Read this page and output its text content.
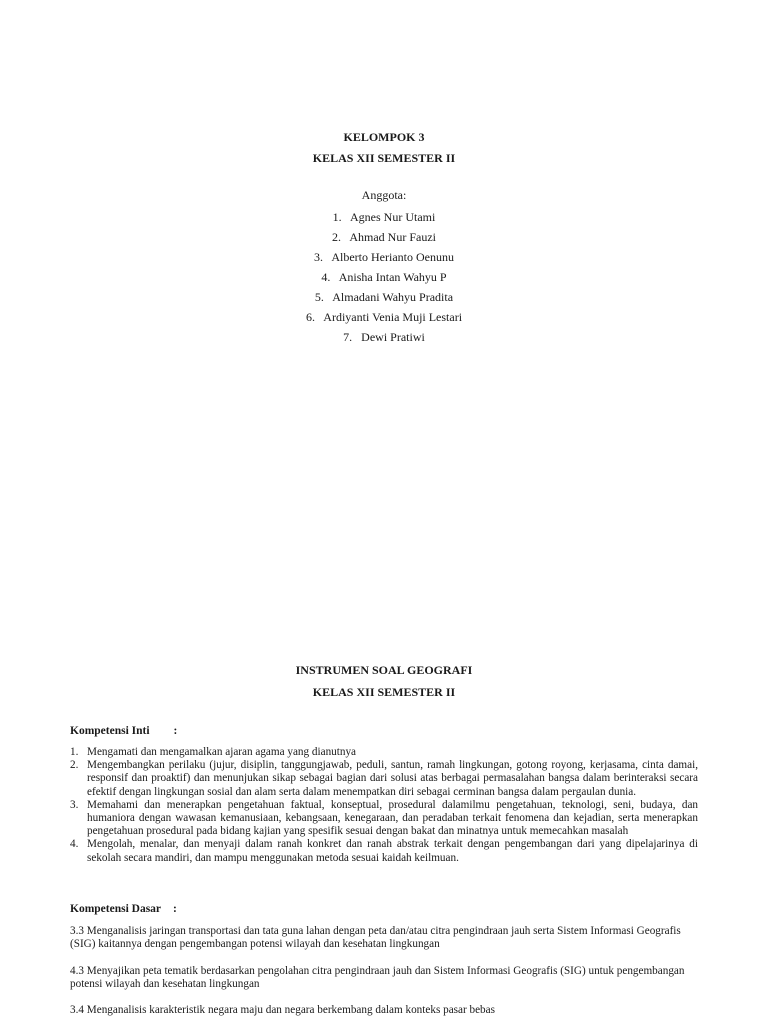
KELOMPOK 3
KELAS XII SEMESTER II
Anggota:
1. Agnes Nur Utami
2. Ahmad Nur Fauzi
3. Alberto Herianto Oenunu
4. Anisha Intan Wahyu P
5. Almadani Wahyu Pradita
6. Ardiyanti Venia Muji Lestari
7. Dewi Pratiwi
INSTRUMEN SOAL GEOGRAFI
KELAS XII SEMESTER II
Kompetensi Inti :
1. Mengamati dan mengamalkan ajaran agama yang dianutnya
2. Mengembangkan perilaku (jujur, disiplin, tanggungjawab, peduli, santun, ramah lingkungan, gotong royong, kerjasama, cinta damai, responsif dan proaktif) dan menunjukan sikap sebagai bagian dari solusi atas berbagai permasalahan bangsa dalam berinteraksi secara efektif dengan lingkungan sosial dan alam serta dalam menempatkan diri sebagai cerminan bangsa dalam pergaulan dunia.
3. Memahami dan menerapkan pengetahuan faktual, konseptual, prosedural dalamilmu pengetahuan, teknologi, seni, budaya, dan humaniora dengan wawasan kemanusiaan, kebangsaan, kenegaraan, dan peradaban terkait fenomena dan kejadian, serta menerapkan pengetahuan prosedural pada bidang kajian yang spesifik sesuai dengan bakat dan minatnya untuk memecahkan masalah
4. Mengolah, menalar, dan menyaji dalam ranah konkret dan ranah abstrak terkait dengan pengembangan dari yang dipelajarinya di sekolah secara mandiri, dan mampu menggunakan metoda sesuai kaidah keilmuan.
Kompetensi Dasar :
3.3 Menganalisis jaringan transportasi dan tata guna lahan dengan peta dan/atau citra pengindraan jauh serta Sistem Informasi Geografis (SIG) kaitannya dengan pengembangan potensi wilayah dan kesehatan lingkungan
4.3 Menyajikan peta tematik berdasarkan pengolahan citra pengindraan jauh dan Sistem Informasi Geografis (SIG) untuk pengembangan potensi wilayah dan kesehatan lingkungan
3.4 Menganalisis karakteristik negara maju dan negara berkembang dalam konteks pasar bebas
